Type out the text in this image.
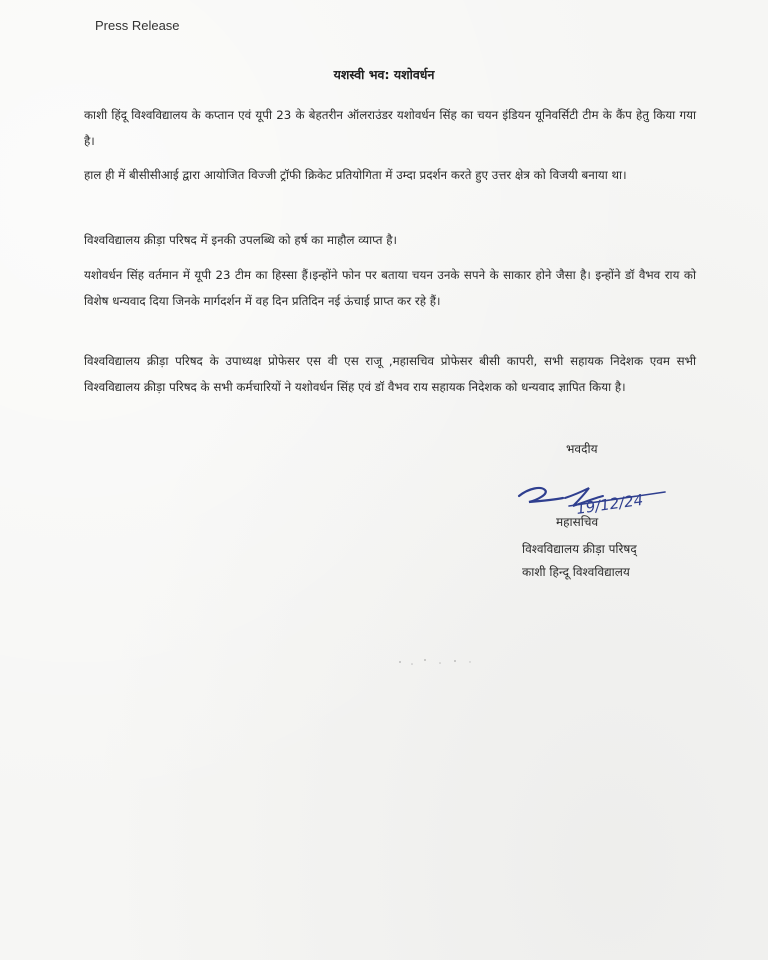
Press Release
यशस्वी भव: यशोवर्धन
काशी हिंदू विश्वविद्यालय के कप्तान एवं यूपी 23 के बेहतरीन ऑलराउंडर यशोवर्धन सिंह का चयन इंडियन यूनिवर्सिटी टीम के कैंप हेतु किया गया है।
हाल ही में बीसीसीआई द्वारा आयोजित विज्जी ट्रॉफी क्रिकेट प्रतियोगिता में उम्दा प्रदर्शन करते हुए उत्तर क्षेत्र को विजयी बनाया था।
विश्वविद्यालय क्रीड़ा परिषद में इनकी उपलब्धि को हर्ष का माहौल व्याप्त है।
यशोवर्धन सिंह वर्तमान में यूपी 23 टीम का हिस्सा हैं।इन्होंने फोन पर बताया चयन उनके सपने के साकार होने जैसा है। इन्होंने डॉ वैभव राय को विशेष धन्यवाद दिया जिनके मार्गदर्शन में वह दिन प्रतिदिन नई ऊंचाई प्राप्त कर रहे हैं।
विश्वविद्यालय क्रीड़ा परिषद के उपाध्यक्ष प्रोफेसर एस वी एस राजू ,महासचिव प्रोफेसर बीसी कापरी, सभी सहायक निदेशक एवम सभी विश्वविद्यालय क्रीड़ा परिषद के सभी कर्मचारियों ने यशोवर्धन सिंह एवं डॉ वैभव राय सहायक निदेशक को धन्यवाद ज्ञापित किया है।
भवदीय
19/12/24
महासचिव
विश्वविद्यालय क्रीड़ा परिषद्
काशी हिन्दू विश्वविद्यालय
